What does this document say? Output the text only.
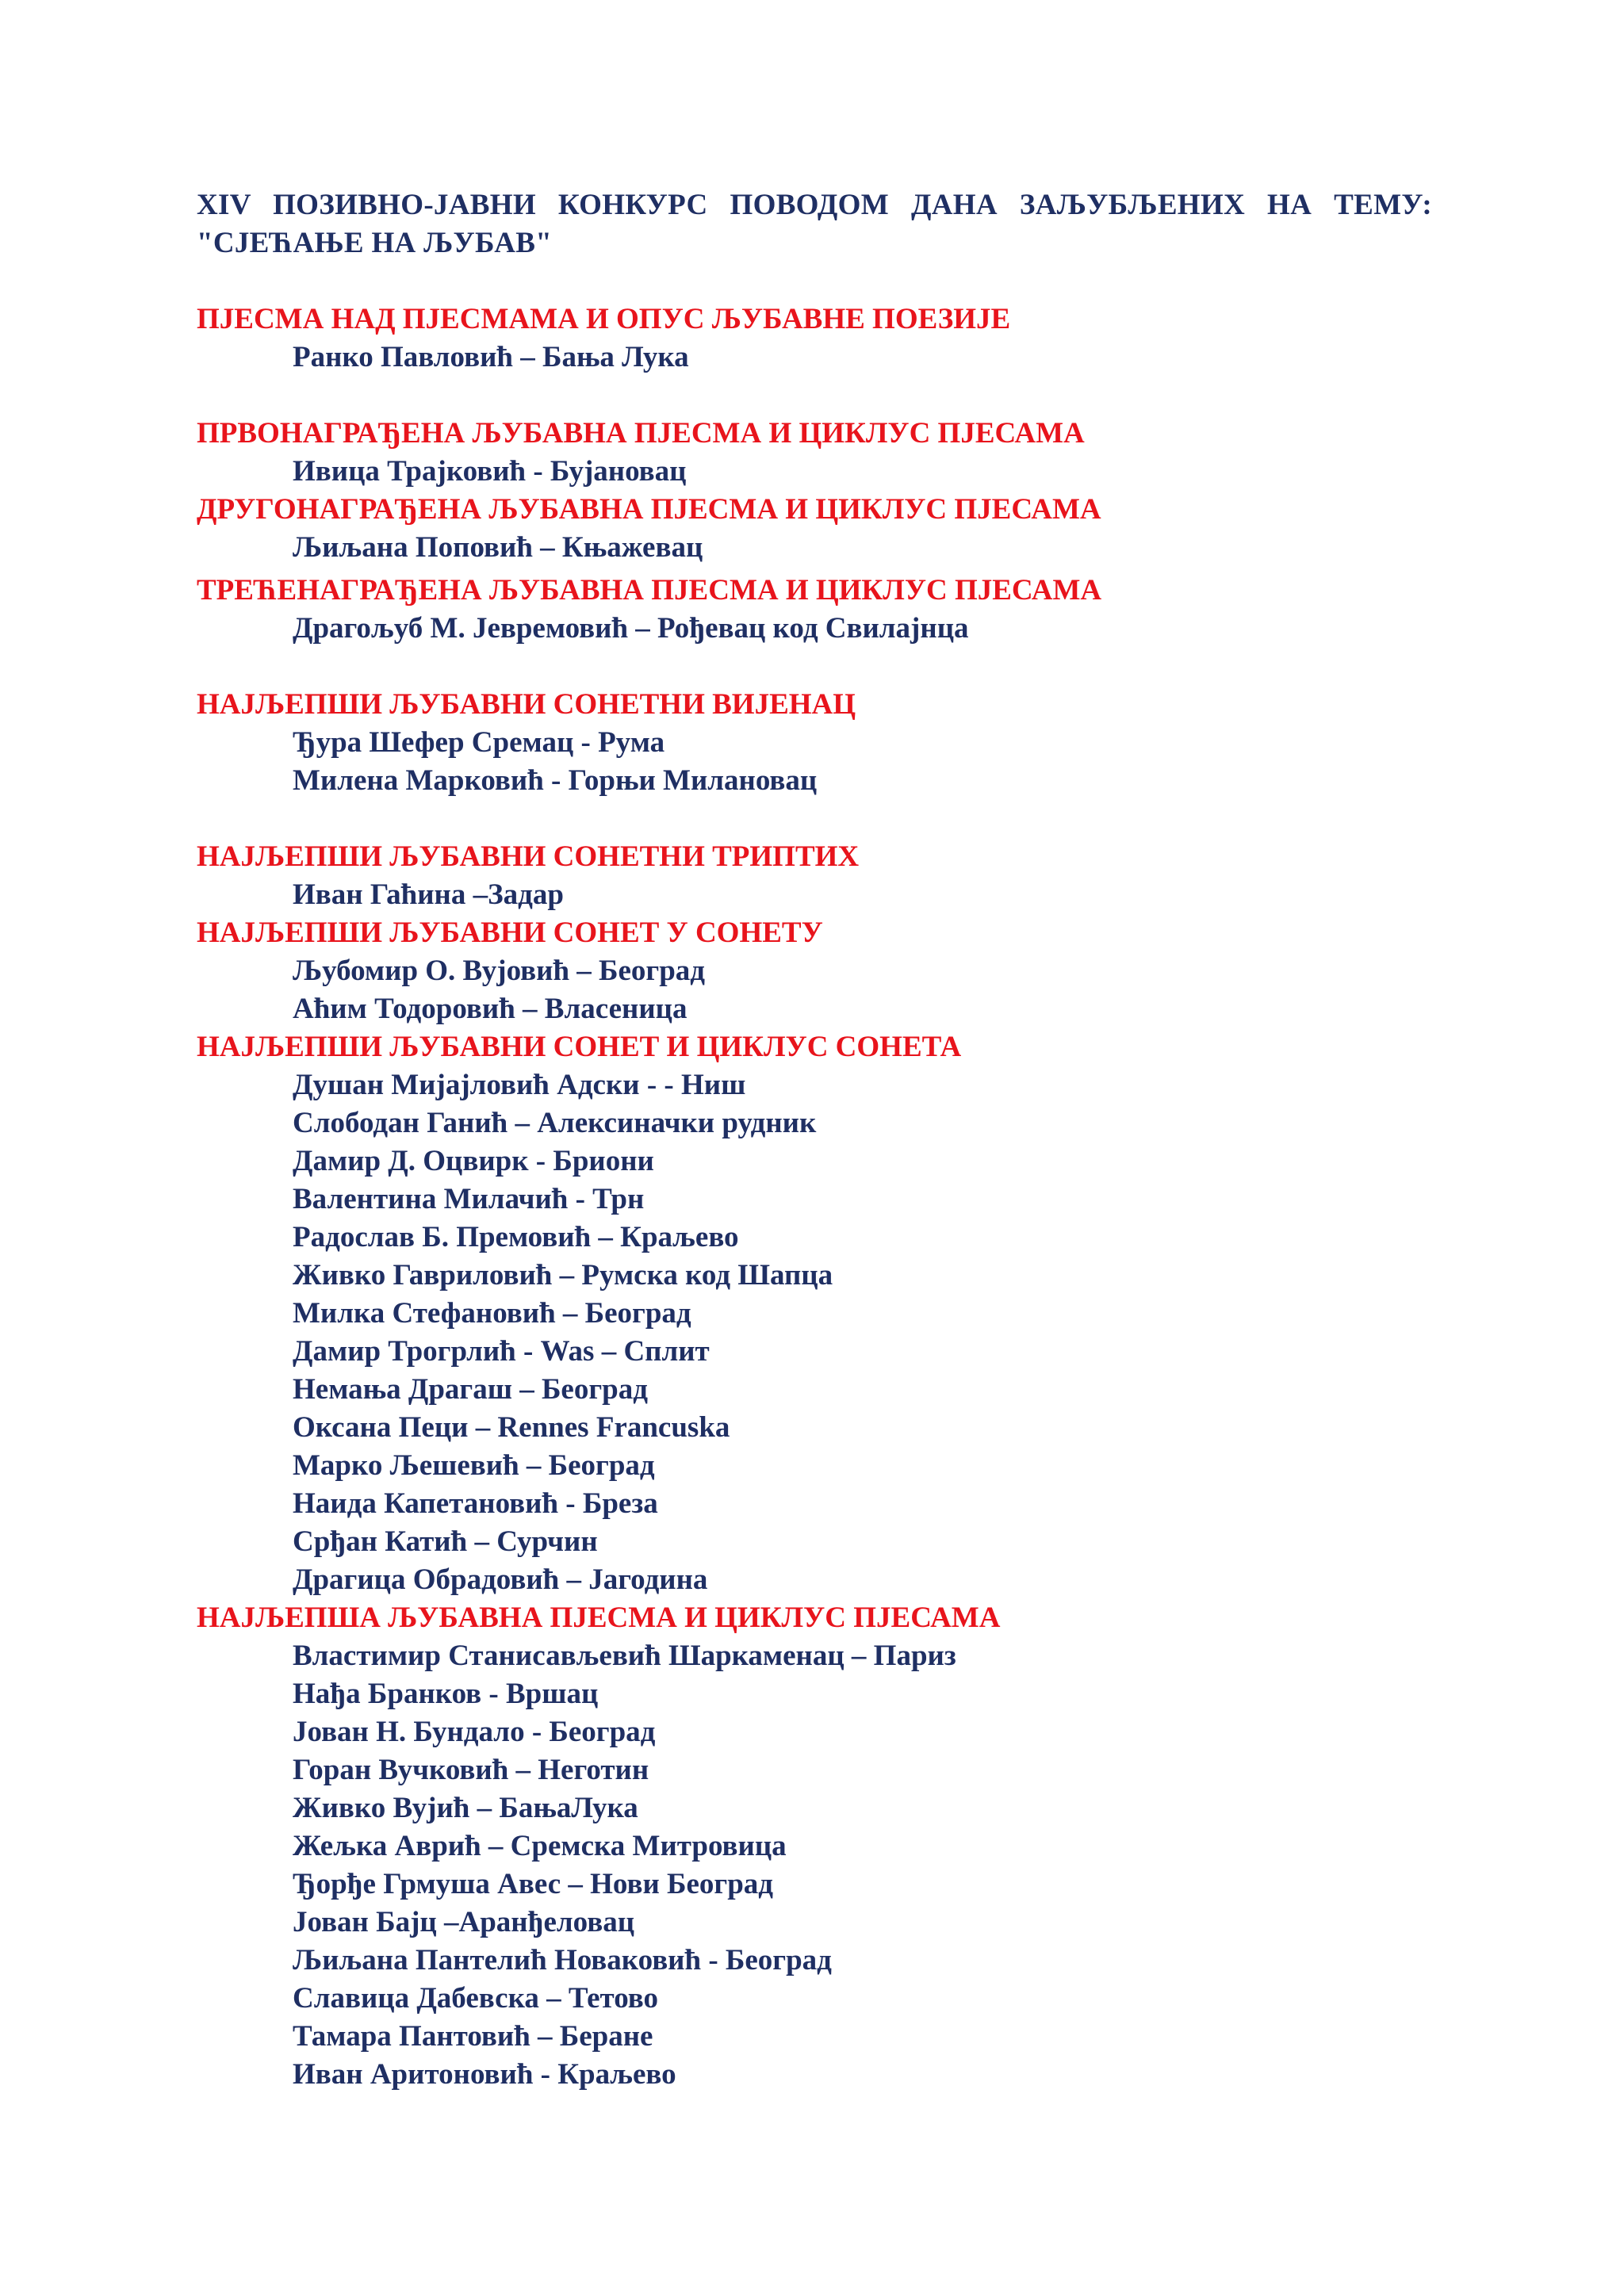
XIV ПОЗИВНО-ЈАВНИ КОНКУРС ПОВОДОМ ДАНА ЗАЉУБЉЕНИХ НА ТЕМУ: "СЈЕЋАЊЕ НА ЉУБАВ"

ПЈЕСМА НАД ПЈЕСМАМА И ОПУС ЉУБАВНЕ ПОЕЗИЈЕ

Ранко Павловић – Бања Лука

ПРВОНАГРАЂЕНА ЉУБАВНА ПЈЕСМА И ЦИКЛУС ПЈЕСАМА

Ивица Трајковић - Бујановац

ДРУГОНАГРАЂЕНА ЉУБАВНА ПЈЕСМА И ЦИКЛУС ПЈЕСАМА

Љиљана Поповић – Књажевац

ТРЕЋЕНАГРАЂЕНА ЉУБАВНА ПЈЕСМА И ЦИКЛУС ПЈЕСАМА

Драгољуб М. Јевремовић – Рођевац код Свилајнца

НАЈЉЕПШИ ЉУБАВНИ СОНЕТНИ ВИЈЕНАЦ

Ђура Шефер Сремац - Рума

Милена Марковић - Горњи Милановац

НАЈЉЕПШИ ЉУБАВНИ СОНЕТНИ ТРИПТИХ

Иван Гаћина –Задар

НАЈЉЕПШИ ЉУБАВНИ СОНЕТ У СОНЕТУ

Љубомир О. Вујовић – Београд

Аћим Тодоровић – Власеница

НАЈЉЕПШИ ЉУБАВНИ СОНЕТ И ЦИКЛУС СОНЕТА

Душан Мијајловић Адски - - Ниш

Слободан Ганић – Алексиначки рудник

Дамир Д. Оцвирк - Бриони

Валентина Милачић - Трн

Радослав Б. Премовић – Краљево

Живко Гавриловић – Румска код Шапца

Милка Стефановић – Београд

Дамир Трогрлић - Was – Сплит

Немања Драгаш – Београд

Оксана Пеци – Rennes Francuska

Марко Љешевић – Београд

Наида Капетановић - Бреза

Срђан Катић – Сурчин

Драгица Обрадовић – Јагодина

НАЈЉЕПША ЉУБАВНА ПЈЕСМА И ЦИКЛУС ПЈЕСАМА

Властимир Станисављевић Шаркаменац – Париз

Нађа Бранков - Вршац

Јован Н. Бундало - Београд

Горан Вучковић – Неготин

Живко Вујић – БањаЛука

Жељка Аврић – Сремска Митровица

Ђорђе Грмуша Авес – Нови Београд

Јован Бајц –Аранђеловац

Љиљана Пантелић Новаковић - Београд

Славица Дабевска – Тетово

Тамара Пантовић – Беране

Иван Аритоновић - Краљево
